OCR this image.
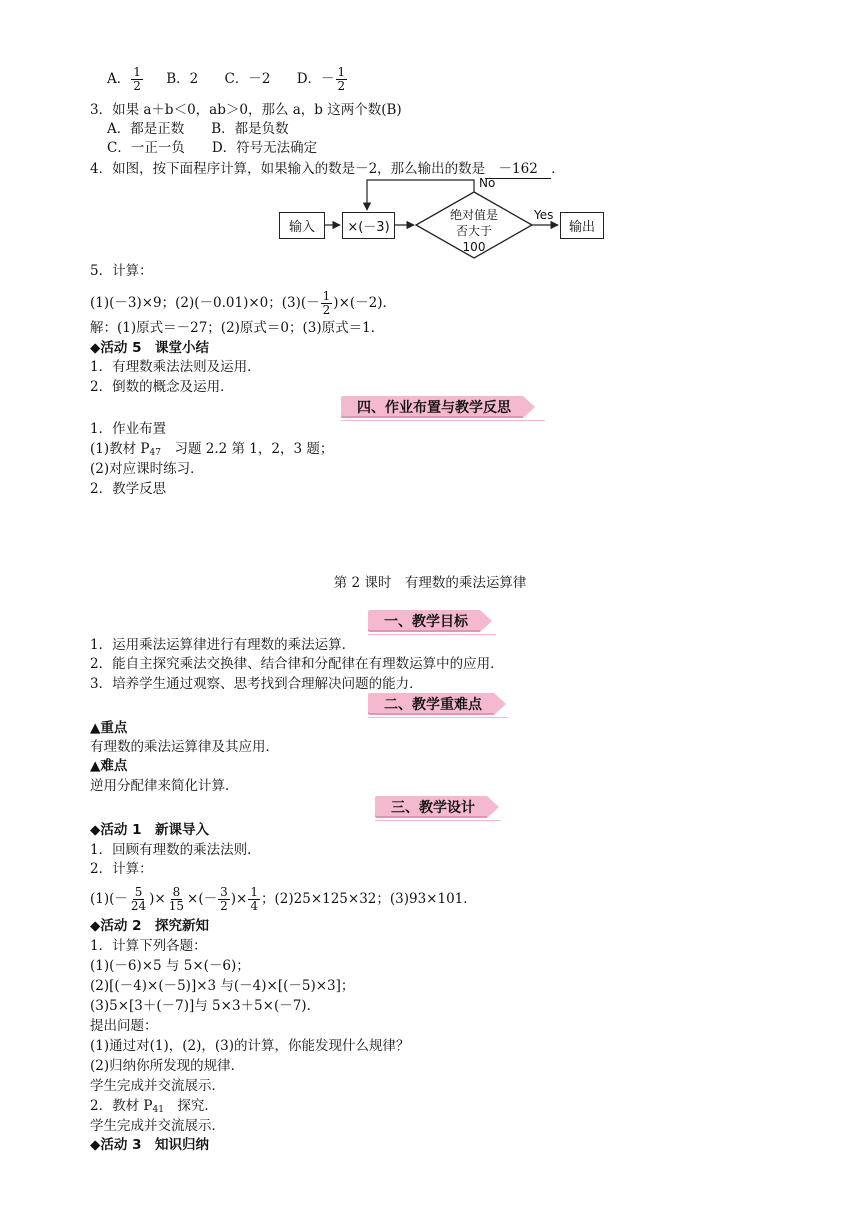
A． $\frac{1}{2}$ B．2 C．－2 D．－ $\frac{1}{2}$
3．如果 a＋b＜0，ab＞0，那么 a，b 这两个数(B)
A．都是正数　　B．都是负数
C．一正一负　　D．符号无法确定
4．如图，按下面程序计算，如果输入的数是－2，那么输出的数是 －162 ．
输入	×(－3)	输出
绝对值是
否大于100
Yes
No
5．计算：
(1)(－3)×9；(2)(－0.01)×0；$(3)(- \frac{1}{2} )\times(-2)$．
解：(1)原式＝－27；(2)原式＝0；(3)原式＝1．
◆活动 5　课堂小结
1．有理数乘法法则及运用．
2．倒数的概念及运用．
四、作业布置与教学反思
1．作业布置
(1)教材 $P_{47}$　习题 2.2 第 1，2，3 题；
(2)对应课时练习．
2．教学反思
第 2 课时　有理数的乘法运算律
一、教学目标
1．运用乘法运算律进行有理数的乘法运算．
2．能自主探究乘法交换律、结合律和分配律在有理数运算中的应用．
3．培养学生通过观察、思考找到合理解决问题的能力．
二、教学重难点
▲重点
有理数的乘法运算律及其应用．
▲难点
逆用分配律来简化计算．
三、教学设计
◆活动 1　新课导入
1．回顾有理数的乘法法则．
2．计算：
$(1)(- \frac{5}{24}$ )× $\frac{8}{15}$ ×(－ $\frac{3}{2}$ )× $\frac{1}{4}$ ；(2)25×125×32；(3)93×101．
◆活动 2　探究新知
1．计算下列各题：
(1)(－6)×5 与 5×(－6)；
(2)[(－4)×(－5)]×3 与(－4)×[(－5)×3]；
(3)5×[3＋(－7)]与 5×3＋5×(－7)．
提出问题：
(1)通过对(1)，(2)，(3)的计算，你能发现什么规律？
(2)归纳你所发现的规律．
学生完成并交流展示．
2．教材 $P_{41}$　探究．
学生完成并交流展示．
◆活动 3　知识归纳
